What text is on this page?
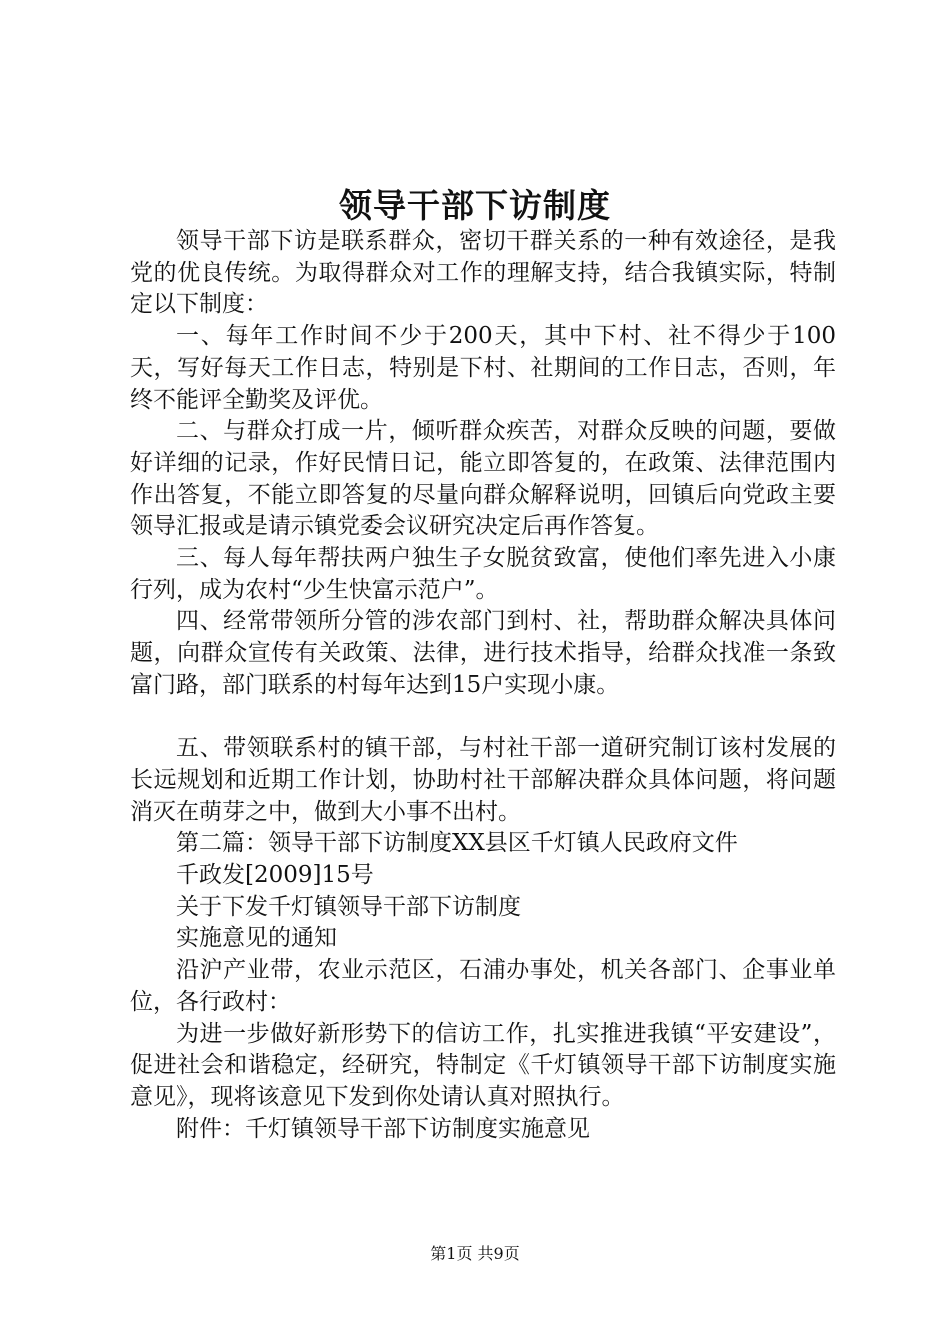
领导干部下访制度

领导干部下访是联系群众，密切干群关系的一种有效途径，是我党的优良传统。为取得群众对工作的理解支持，结合我镇实际，特制定以下制度：

一、每年工作时间不少于200天，其中下村、社不得少于100天，写好每天工作日志，特别是下村、社期间的工作日志，否则，年终不能评全勤奖及评优。

二、与群众打成一片，倾听群众疾苦，对群众反映的问题，要做好详细的记录，作好民情日记，能立即答复的，在政策、法律范围内作出答复，不能立即答复的尽量向群众解释说明，回镇后向党政主要领导汇报或是请示镇党委会议研究决定后再作答复。

三、每人每年帮扶两户独生子女脱贫致富，使他们率先进入小康行列，成为农村“少生快富示范户”。

四、经常带领所分管的涉农部门到村、社，帮助群众解决具体问题，向群众宣传有关政策、法律，进行技术指导，给群众找准一条致富门路，部门联系的村每年达到15户实现小康。

五、带领联系村的镇干部，与村社干部一道研究制订该村发展的长远规划和近期工作计划，协助村社干部解决群众具体问题，将问题消灭在萌芽之中，做到大小事不出村。

第二篇：领导干部下访制度XX县区千灯镇人民政府文件

千政发[2009]15号

关于下发千灯镇领导干部下访制度

实施意见的通知

沿沪产业带，农业示范区，石浦办事处，机关各部门、企事业单位，各行政村：

为进一步做好新形势下的信访工作，扎实推进我镇“平安建设”，促进社会和谐稳定，经研究，特制定《千灯镇领导干部下访制度实施意见》，现将该意见下发到你处请认真对照执行。

附件：千灯镇领导干部下访制度实施意见

第1页 共9页
